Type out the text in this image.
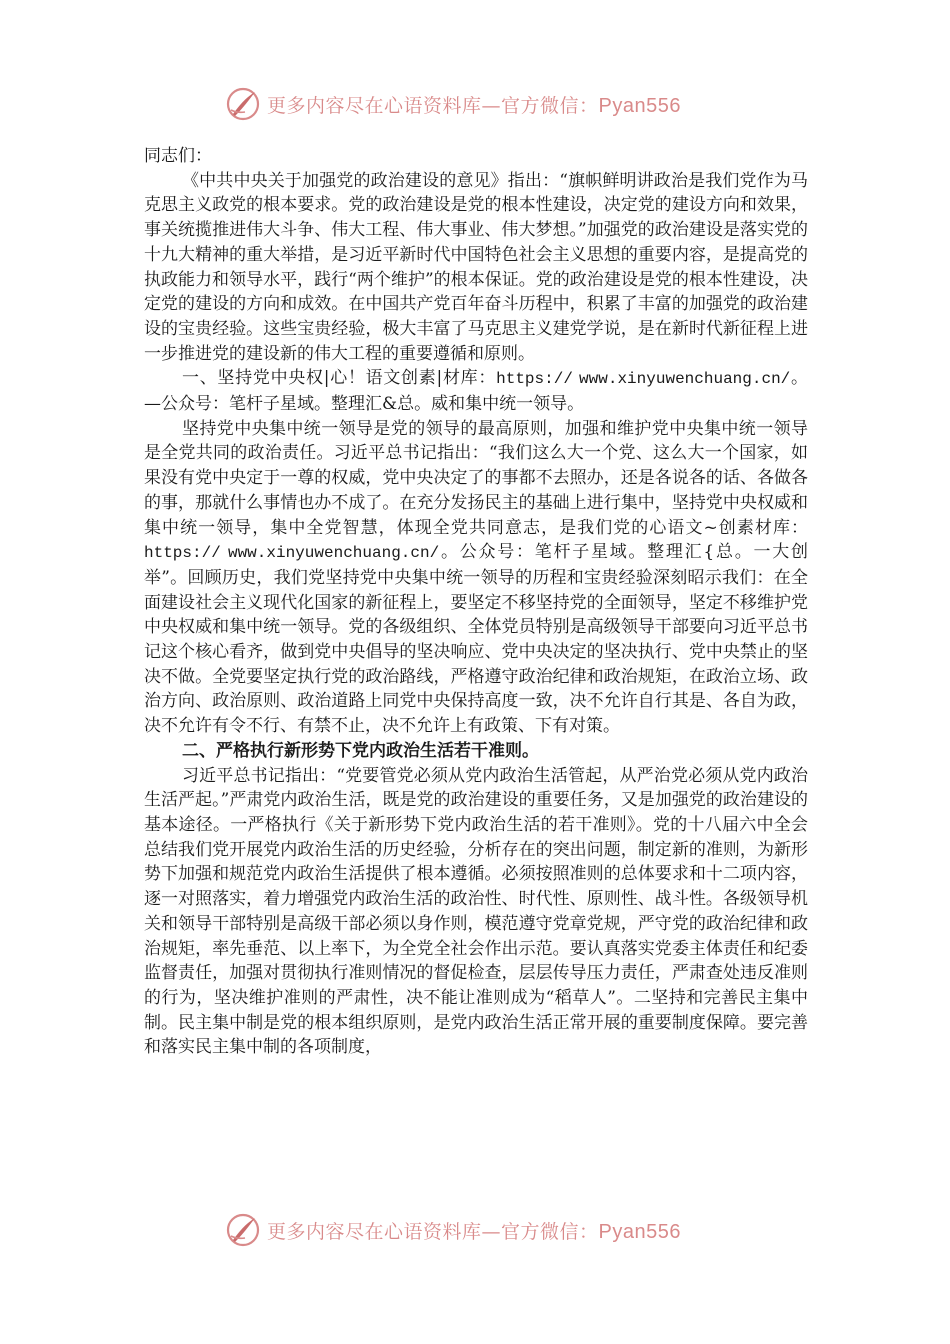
更多内容尽在心语资料库—官方微信：Pyan556

同志们：

《中共中央关于加强党的政治建设的意见》指出：“旗帜鲜明讲政治是我们党作为马克思主义政党的根本要求。党的政治建设是党的根本性建设，决定党的建设方向和效果，事关统揽推进伟大斗争、伟大工程、伟大事业、伟大梦想。”加强党的政治建设是落实党的十九大精神的重大举措，是习近平新时代中国特色社会主义思想的重要内容，是提高党的执政能力和领导水平，践行“两个维护”的根本保证。党的政治建设是党的根本性建设，决定党的建设的方向和成效。在中国共产党百年奋斗历程中，积累了丰富的加强党的政治建设的宝贵经验。这些宝贵经验，极大丰富了马克思主义建党学说，是在新时代新征程上进一步推进党的建设新的伟大工程的重要遵循和原则。

一、坚持党中央权|心！语文创素|材库：https:// www.xinyuwenchuang.cn/。—公众号：笔杆子星域。整理汇&总。威和集中统一领导。

坚持党中央集中统一领导是党的领导的最高原则，加强和维护党中央集中统一领导是全党共同的政治责任。习近平总书记指出：“我们这么大一个党、这么大一个国家，如果没有党中央定于一尊的权威，党中央决定了的事都不去照办，还是各说各的话、各做各的事，那就什么事情也办不成了。在充分发扬民主的基础上进行集中，坚持党中央权威和集中统一领导，集中全党智慧，体现全党共同意志，是我们党的心语文~创素材库：https:// www.xinyuwenchuang.cn/。公众号：笔杆子星域。整理汇{总。一大创举”。回顾历史，我们党坚持党中央集中统一领导的历程和宝贵经验深刻昭示我们：在全面建设社会主义现代化国家的新征程上，要坚定不移坚持党的全面领导，坚定不移维护党中央权威和集中统一领导。党的各级组织、全体党员特别是高级领导干部要向习近平总书记这个核心看齐，做到党中央倡导的坚决响应、党中央决定的坚决执行、党中央禁止的坚决不做。全党要坚定执行党的政治路线，严格遵守政治纪律和政治规矩，在政治立场、政治方向、政治原则、政治道路上同党中央保持高度一致，决不允许自行其是、各自为政，决不允许有令不行、有禁不止，决不允许上有政策、下有对策。

二、严格执行新形势下党内政治生活若干准则。

习近平总书记指出：“党要管党必须从党内政治生活管起，从严治党必须从党内政治生活严起。”严肃党内政治生活，既是党的政治建设的重要任务，又是加强党的政治建设的基本途径。一严格执行《关于新形势下党内政治生活的若干准则》。党的十八届六中全会总结我们党开展党内政治生活的历史经验，分析存在的突出问题，制定新的准则，为新形势下加强和规范党内政治生活提供了根本遵循。必须按照准则的总体要求和十二项内容，逐一对照落实，着力增强党内政治生活的政治性、时代性、原则性、战斗性。各级领导机关和领导干部特别是高级干部必须以身作则，模范遵守党章党规，严守党的政治纪律和政治规矩，率先垂范、以上率下，为全党全社会作出示范。要认真落实党委主体责任和纪委监督责任，加强对贯彻执行准则情况的督促检查，层层传导压力责任，严肃查处违反准则的行为，坚决维护准则的严肃性，决不能让准则成为“稻草人”。二坚持和完善民主集中制。民主集中制是党的根本组织原则，是党内政治生活正常开展的重要制度保障。要完善和落实民主集中制的各项制度，

更多内容尽在心语资料库—官方微信：Pyan556
